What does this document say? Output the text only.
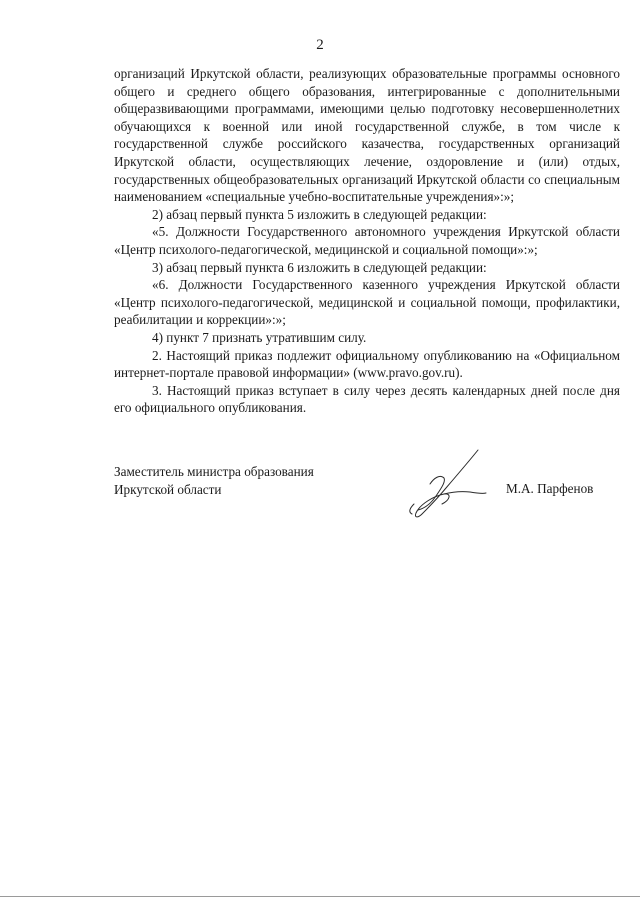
2

организаций Иркутской области, реализующих образовательные программы основного общего и среднего общего образования, интегрированные с дополнительными общеразвивающими программами, имеющими целью подготовку несовершеннолетних обучающихся к военной или иной государственной службе, в том числе к государственной службе российского казачества, государственных организаций Иркутской области, осуществляющих лечение, оздоровление и (или) отдых, государственных общеобразовательных организаций Иркутской области со специальным наименованием «специальные учебно-воспитательные учреждения»:»;

2) абзац первый пункта 5 изложить в следующей редакции:

«5. Должности Государственного автономного учреждения Иркутской области «Центр психолого-педагогической, медицинской и социальной помощи»:»;

3) абзац первый пункта 6 изложить в следующей редакции:

«6. Должности Государственного казенного учреждения Иркутской области «Центр психолого-педагогической, медицинской и социальной помощи, профилактики, реабилитации и коррекции»:»;

4) пункт 7 признать утратившим силу.

2. Настоящий приказ подлежит официальному опубликованию на «Официальном интернет-портале правовой информации» (www.pravo.gov.ru).

3. Настоящий приказ вступает в силу через десять календарных дней после дня его официального опубликования.

Заместитель министра образования
Иркутской области	М.А. Парфенов
